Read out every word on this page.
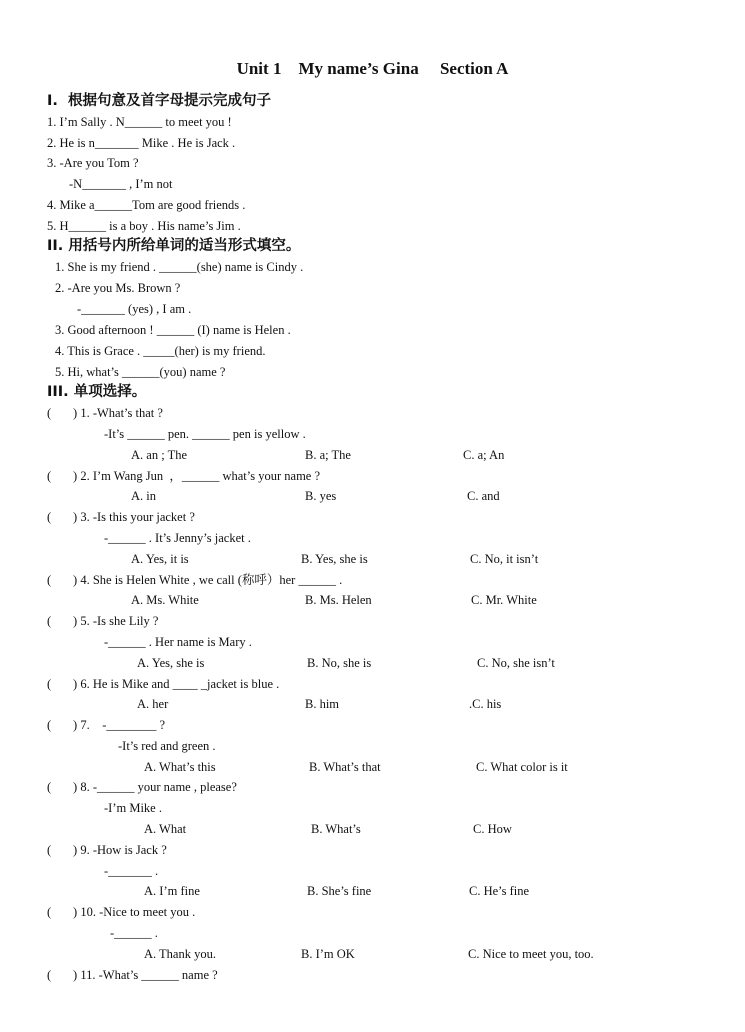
Unit 1    My name’s Gina     Section A
I.  根据句意及首字母提示完成句子
1. I’m Sally . N______ to meet you !
2. He is n_______ Mike . He is Jack .
3. -Are you Tom ?
-N_______ , I’m not
4. Mike a______Tom are good friends .
5. H______ is a boy . His name’s Jim .
II. 用括号内所给单词的适当形式填空。
1. She is my friend . ______(she) name is Cindy .
2. -Are you Ms. Brown ?
-_______ (yes) , I am .
3. Good afternoon ! ______ (I) name is Helen .
4. This is Grace . _____(her) is my friend.
5. Hi, what’s ______(you) name ?
III. 单项选择。
(       ) 1. -What’s that ?
-It’s ______ pen. ______ pen is yellow .
A. an ; The	B. a; The	C. a; An
(       ) 2. I’m Wang Jun  ，______ what’s your name ?
A. in	B. yes	C. and
(       ) 3. -Is this your jacket ?
-______ . It’s Jenny’s jacket .
A. Yes, it is	B. Yes, she is	C. No, it isn’t
(       ) 4. She is Helen White , we call (称呼）her ______ .
A. Ms. White	B. Ms. Helen	C. Mr. White
(       ) 5. -Is she Lily ?
-______ . Her name is Mary .
A. Yes, she is	B. No, she is	C. No, she isn’t
(       ) 6. He is Mike and ____ _jacket is blue .
A. her	B. him	.C. his
(       ) 7.    -________ ?
-It’s red and green .
A. What’s this	B. What’s that	C. What color is it
(       ) 8. -______ your name , please?
-I’m Mike .
A. What	B. What’s	C. How
(       ) 9. -How is Jack ?
-_______ .
A. I’m fine	B. She’s fine	C. He’s fine
(       ) 10. -Nice to meet you .
-______ .
A. Thank you.	B. I’m OK	C. Nice to meet you, too.
(       ) 11. -What’s ______ name ?
